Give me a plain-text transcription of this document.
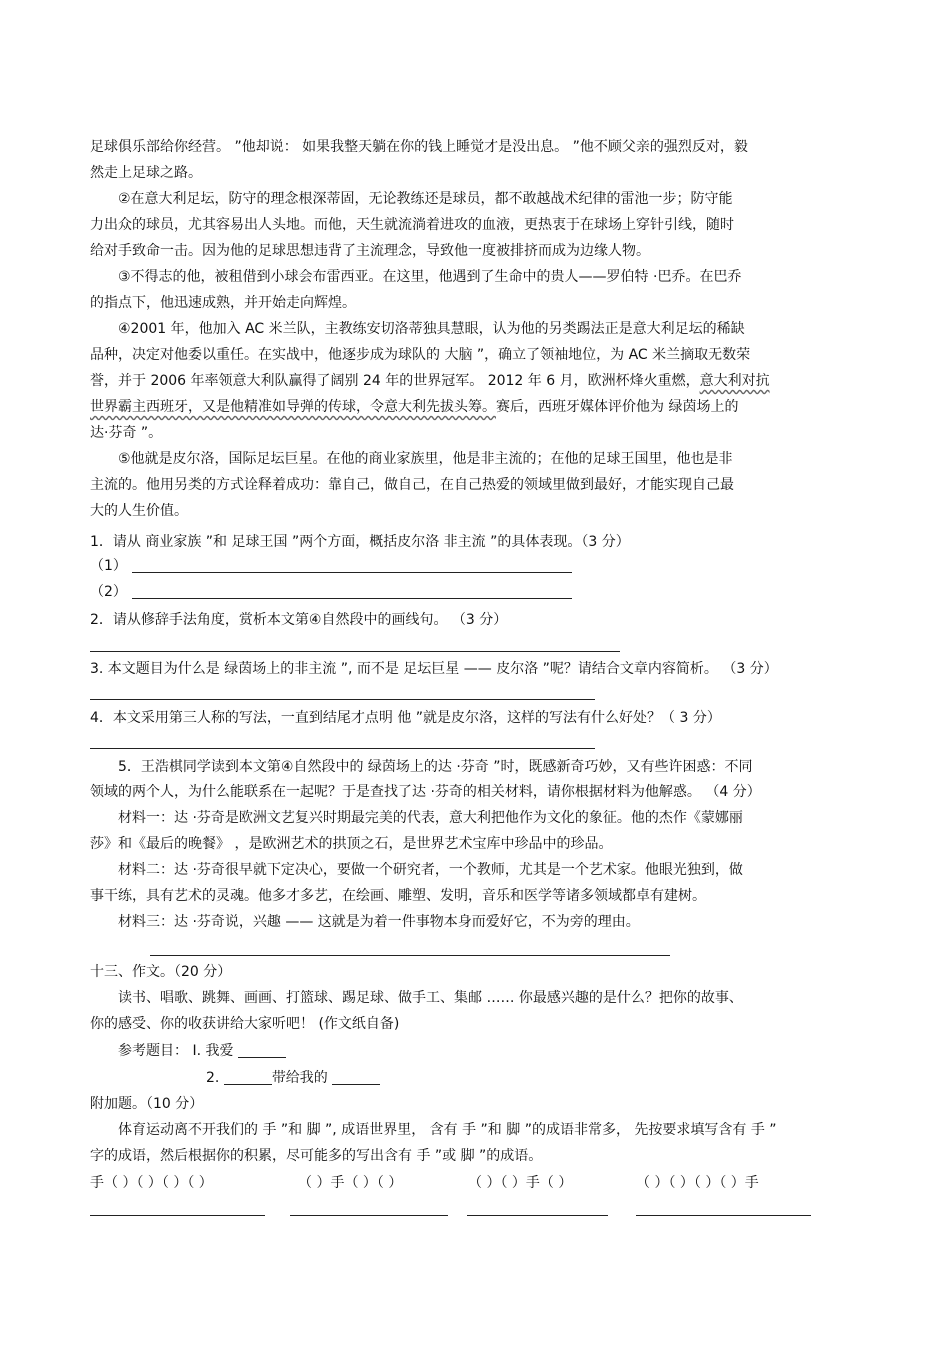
足球俱乐部给你经营。 ”他却说： 如果我整天躺在你的钱上睡觉才是没出息。 ”他不顾父亲的强烈反对，毅
然走上足球之路。
②在意大利足坛，防守的理念根深蒂固，无论教练还是球员，都不敢越战术纪律的雷池一步；防守能
力出众的球员，尤其容易出人头地。而他，天生就流淌着进攻的血液，更热衷于在球场上穿针引线，随时
给对手致命一击。因为他的足球思想违背了主流理念，导致他一度被排挤而成为边缘人物。
③不得志的他，被租借到小球会布雷西亚。在这里，他遇到了生命中的贵人——罗伯特 ·巴乔。在巴乔
的指点下，他迅速成熟，并开始走向辉煌。
④2001 年，他加入 AC 米兰队，主教练安切洛蒂独具慧眼，认为他的另类踢法正是意大利足坛的稀缺
品种，决定对他委以重任。在实战中，他逐步成为球队的 大脑 ”，确立了领袖地位，为 AC 米兰摘取无数荣
誉，并于 2006 年率领意大利队赢得了阔别 24 年的世界冠军。 2012 年 6 月，欧洲杯烽火重燃，意大利对抗
世界霸主西班牙，又是他精准如导弹的传球，令意大利先拔头筹。赛后，西班牙媒体评价他为 绿茵场上的
达·芬奇 ”。
⑤他就是皮尔洛，国际足坛巨星。在他的商业家族里，他是非主流的；在他的足球王国里，他也是非
主流的。他用另类的方式诠释着成功：靠自己，做自己，在自己热爱的领域里做到最好，才能实现自己最
大的人生价值。
1．请从 商业家族 ”和 足球王国 ”两个方面，概括皮尔洛 非主流 ”的具体表现。（3 分）
（1）
（2）
2．请从修辞手法角度，赏析本文第④自然段中的画线句。 （3 分）
3. 本文题目为什么是 绿茵场上的非主流 ”, 而不是 足坛巨星 —— 皮尔洛 ”呢？请结合文章内容简析。 （3 分）
4．本文采用第三人称的写法，一直到结尾才点明 他 ”就是皮尔洛，这样的写法有什么好处？（ 3 分）
5．王浩棋同学读到本文第④自然段中的 绿茵场上的达 ·芬奇 ”时，既感新奇巧妙，又有些许困惑：不同
领域的两个人，为什么能联系在一起呢？于是查找了达 ·芬奇的相关材料，请你根据材料为他解惑。 （4 分）
材料一：达 ·芬奇是欧洲文艺复兴时期最完美的代表，意大利把他作为文化的象征。他的杰作《蒙娜丽
莎》和《最后的晚餐》 ，是欧洲艺术的拱顶之石，是世界艺术宝库中珍品中的珍品。
材料二：达 ·芬奇很早就下定决心，要做一个研究者，一个教师，尤其是一个艺术家。他眼光独到，做
事干练，具有艺术的灵魂。他多才多艺，在绘画、雕塑、发明，音乐和医学等诸多领域都卓有建树。
材料三：达 ·芬奇说，兴趣 —— 这就是为着一件事物本身而爱好它，不为旁的理由。
十三、作文。（20 分）
读书、唱歌、跳舞、画画、打篮球、踢足球、做手工、集邮 …… 你最感兴趣的是什么？把你的故事、
你的感受、你的收获讲给大家听吧！ (作文纸自备)
参考题目： I. 我爱
2.	带给我的
附加题。（10 分）
体育运动离不开我们的 手 ”和 脚 ”, 成语世界里， 含有 手 ”和 脚 ”的成语非常多， 先按要求填写含有 手 ”
字的成语，然后根据你的积累，尽可能多的写出含有 手 ”或 脚 ”的成语。
手（ ）（ ）（ ）（ ）	（ ）手（ ）（ ）	（ ）（ ）手（ ）	（ ）（ ）（ ）（ ）手
